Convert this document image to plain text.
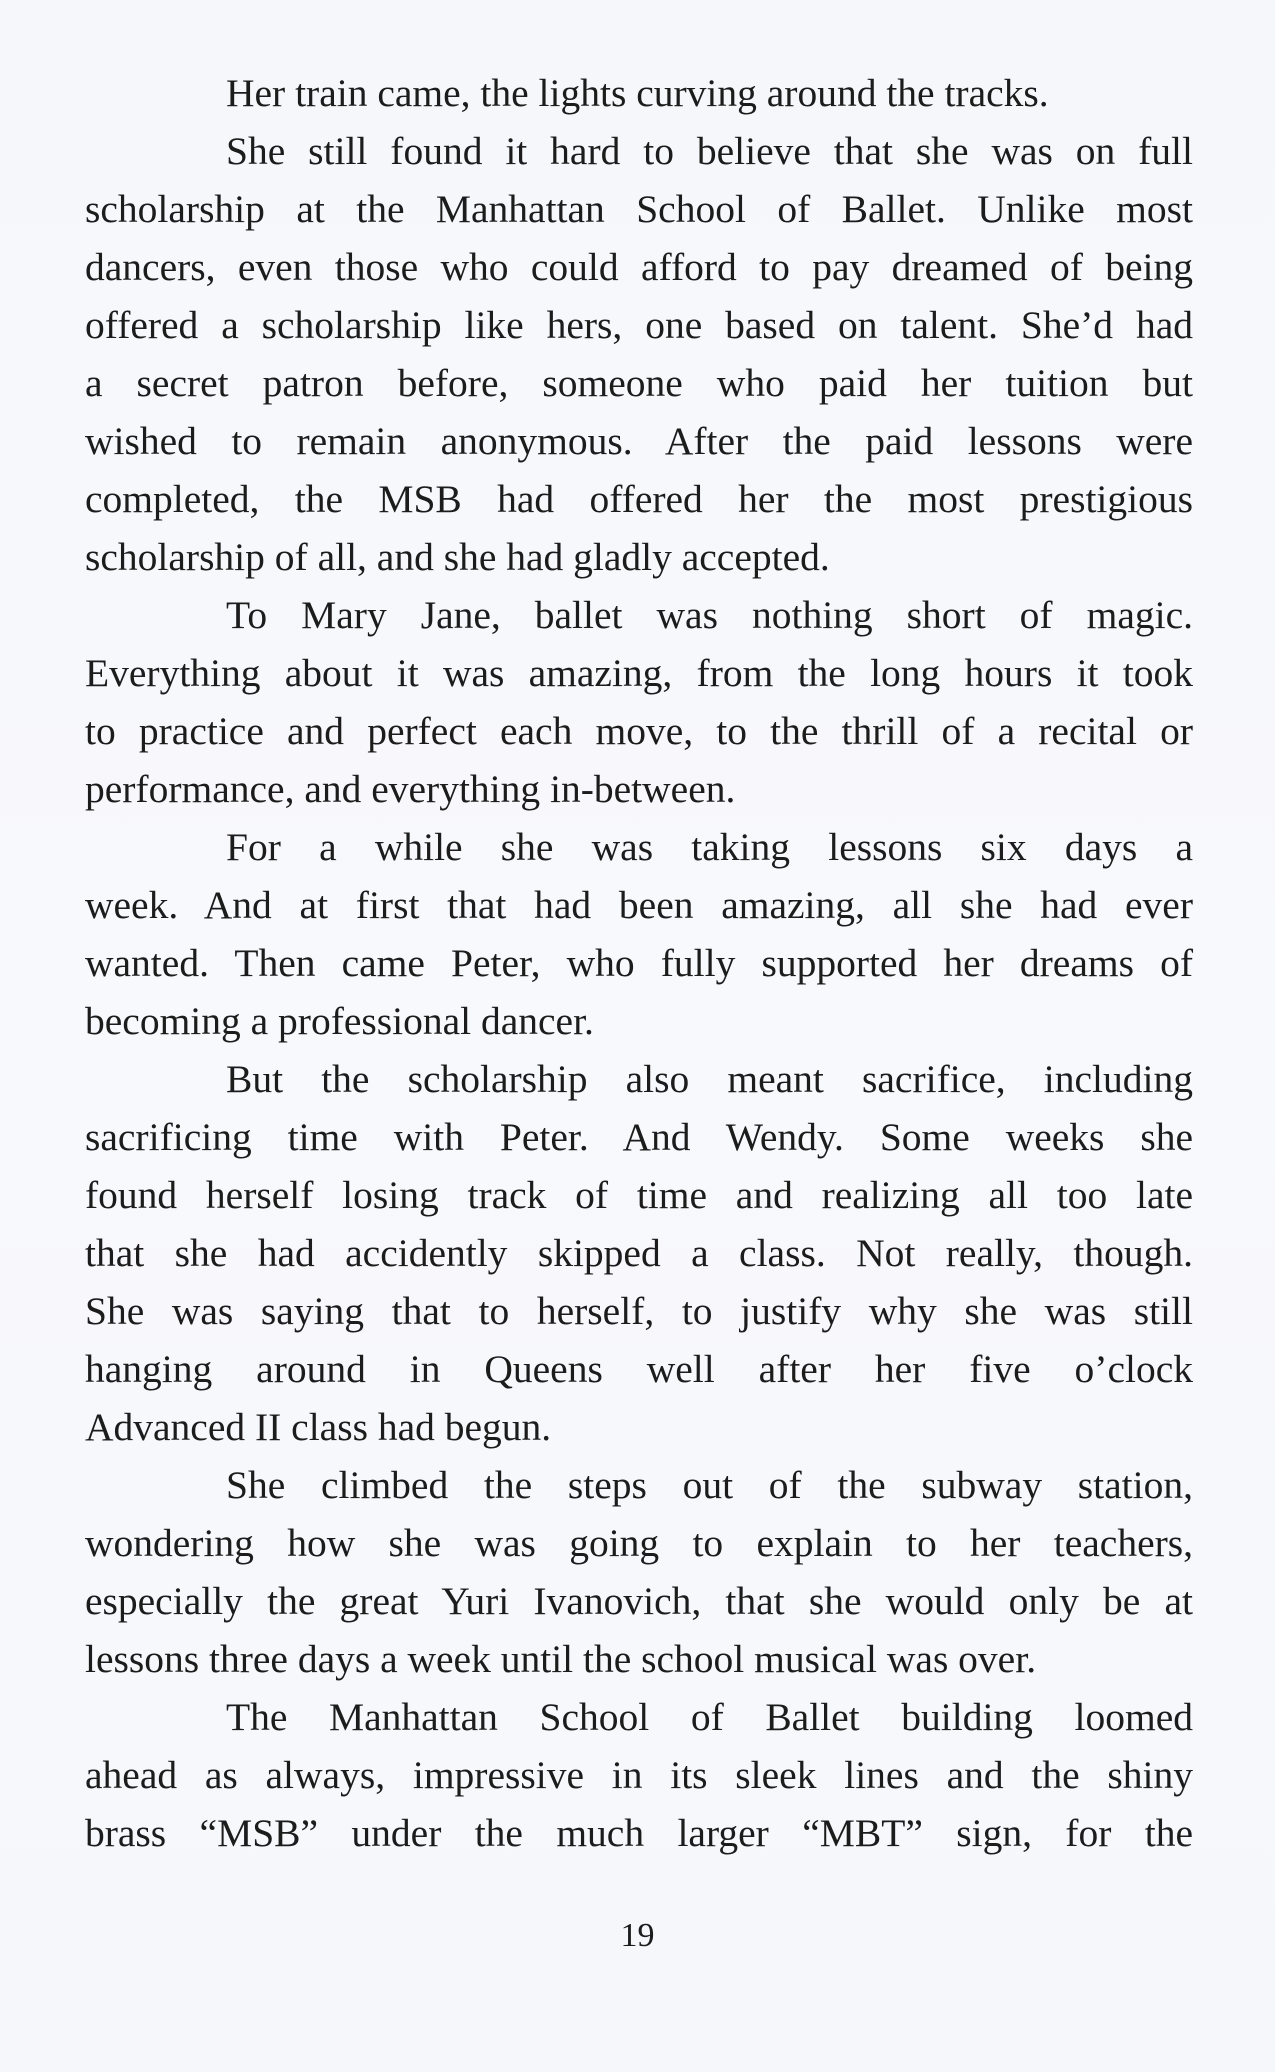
Her train came, the lights curving around the tracks.
She still found it hard to believe that she was on full
scholarship at the Manhattan School of Ballet. Unlike most
dancers, even those who could afford to pay dreamed of being
offered a scholarship like hers, one based on talent. She’d had
a secret patron before, someone who paid her tuition but
wished to remain anonymous. After the paid lessons were
completed, the MSB had offered her the most prestigious
scholarship of all, and she had gladly accepted.
To Mary Jane, ballet was nothing short of magic.
Everything about it was amazing, from the long hours it took
to practice and perfect each move, to the thrill of a recital or
performance, and everything in-between.
For a while she was taking lessons six days a
week. And at first that had been amazing, all she had ever
wanted. Then came Peter, who fully supported her dreams of
becoming a professional dancer.
But the scholarship also meant sacrifice, including
sacrificing time with Peter. And Wendy. Some weeks she
found herself losing track of time and realizing all too late
that she had accidently skipped a class. Not really, though.
She was saying that to herself, to justify why she was still
hanging around in Queens well after her five o’clock
Advanced II class had begun.
She climbed the steps out of the subway station,
wondering how she was going to explain to her teachers,
especially the great Yuri Ivanovich, that she would only be at
lessons three days a week until the school musical was over.
The Manhattan School of Ballet building loomed
ahead as always, impressive in its sleek lines and the shiny
brass “MSB” under the much larger “MBT” sign, for the
19
